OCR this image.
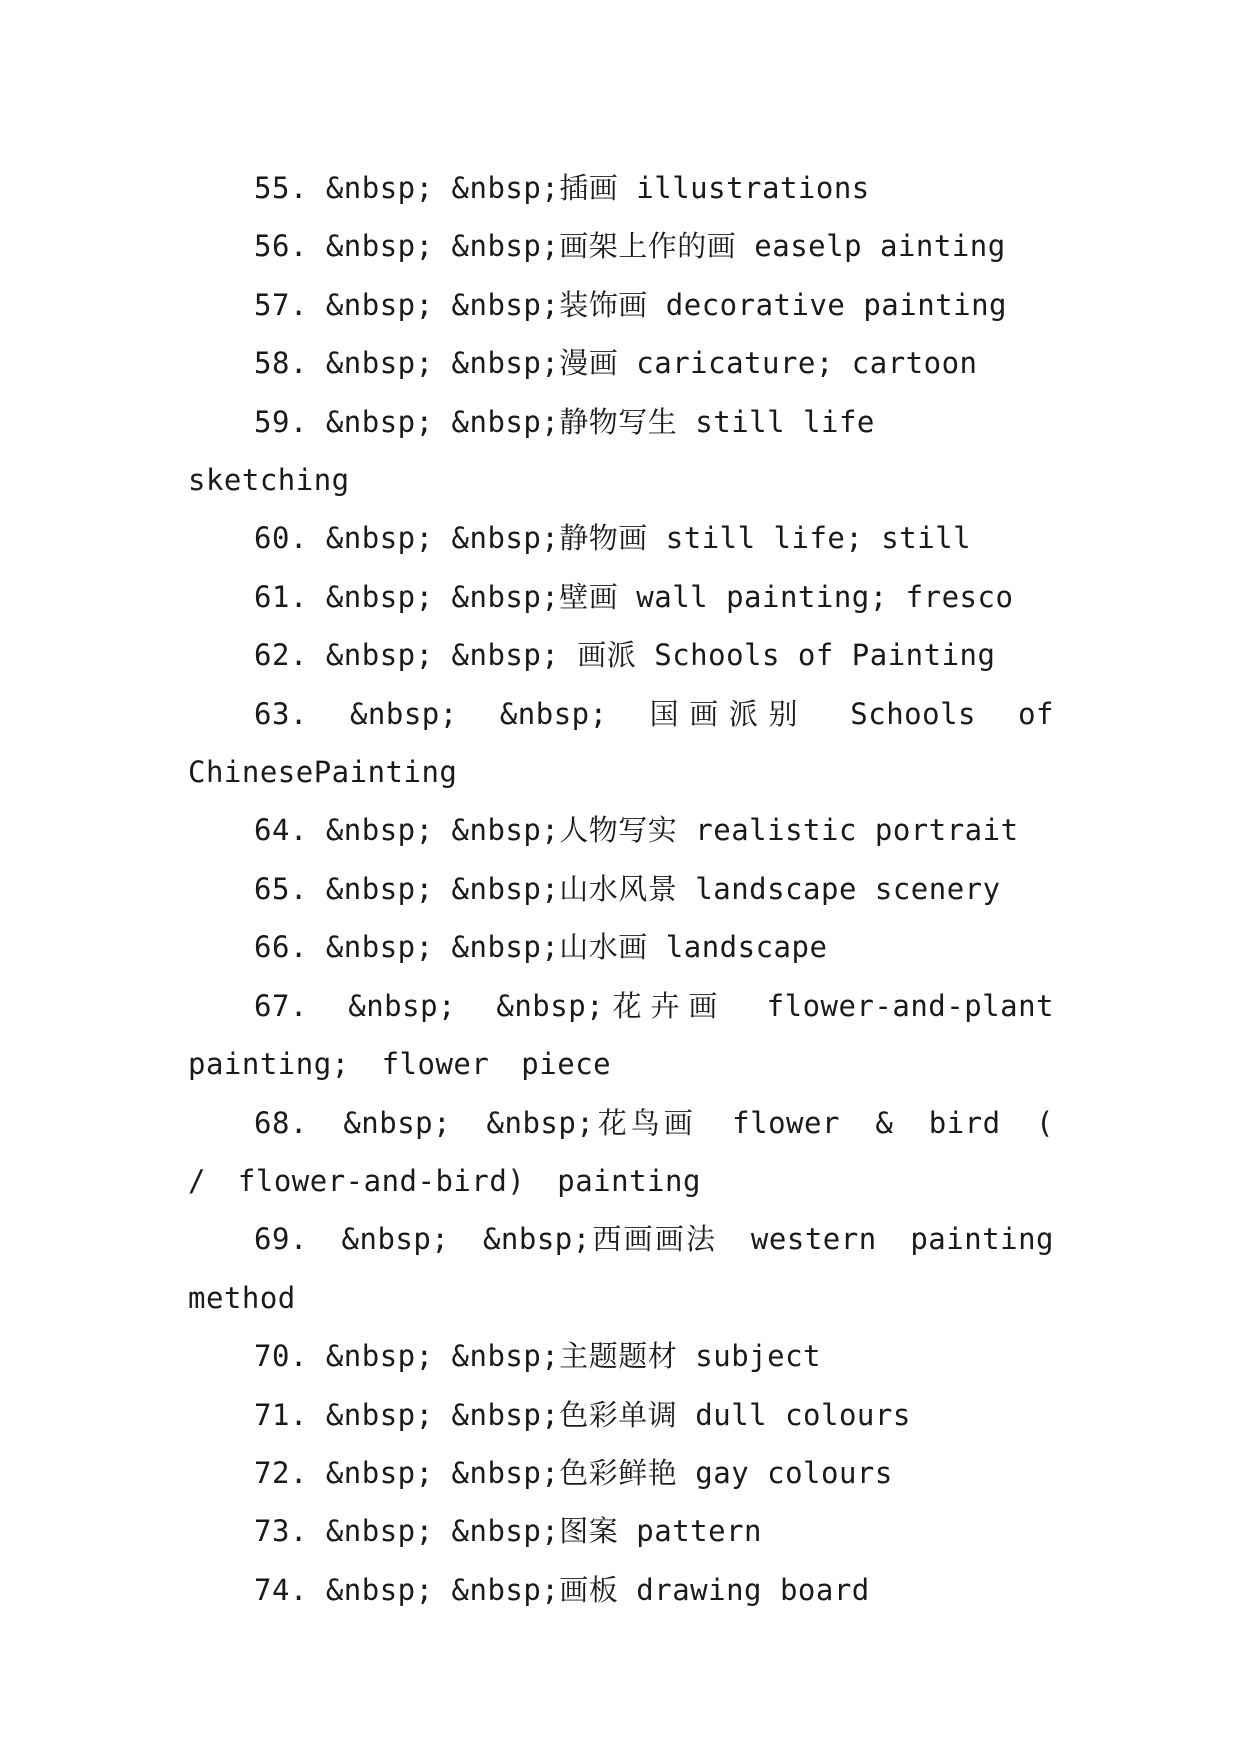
55. &nbsp; &nbsp;插画 illustrations

56. &nbsp; &nbsp;画架上作的画 easelp ainting

57. &nbsp; &nbsp;装饰画 decorative painting

58. &nbsp; &nbsp;漫画 caricature; cartoon

59. &nbsp; &nbsp;静物写生 still life sketching

60. &nbsp; &nbsp;静物画 still life; still

61. &nbsp; &nbsp;壁画 wall painting; fresco

62. &nbsp; &nbsp; 画派 Schools of Painting

63. &nbsp; &nbsp; 国画派别 Schools of ChinesePainting

64. &nbsp; &nbsp;人物写实 realistic portrait

65. &nbsp; &nbsp;山水风景 landscape scenery

66. &nbsp; &nbsp;山水画 landscape

67. &nbsp; &nbsp;花卉画 flower-and-plant painting; flower piece

68. &nbsp; &nbsp;花鸟画 flower & bird ( / flower-and-bird) painting

69. &nbsp; &nbsp;西画画法 western painting method

70. &nbsp; &nbsp;主题题材 subject

71. &nbsp; &nbsp;色彩单调 dull colours

72. &nbsp; &nbsp;色彩鲜艳 gay colours

73. &nbsp; &nbsp;图案 pattern

74. &nbsp; &nbsp;画板 drawing board
